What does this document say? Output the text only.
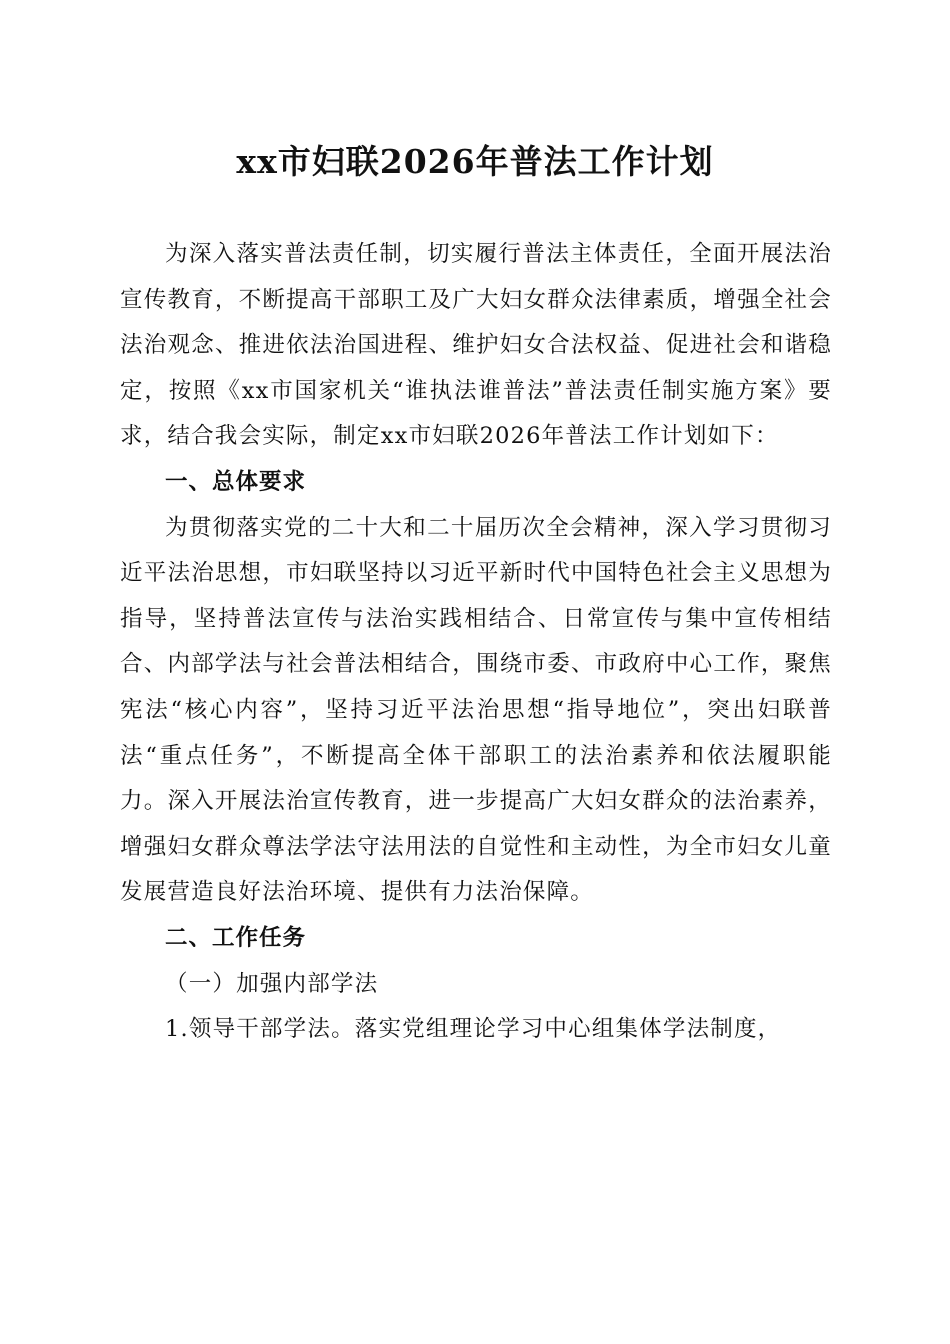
xx市妇联2026年普法工作计划

为深入落实普法责任制，切实履行普法主体责任，全面开展法治宣传教育，不断提高干部职工及广大妇女群众法律素质，增强全社会法治观念、推进依法治国进程、维护妇女合法权益、促进社会和谐稳定，按照《xx市国家机关“谁执法谁普法”普法责任制实施方案》要求，结合我会实际，制定xx市妇联2026年普法工作计划如下：

一、总体要求

为贯彻落实党的二十大和二十届历次全会精神，深入学习贯彻习近平法治思想，市妇联坚持以习近平新时代中国特色社会主义思想为指导，坚持普法宣传与法治实践相结合、日常宣传与集中宣传相结合、内部学法与社会普法相结合，围绕市委、市政府中心工作，聚焦宪法“核心内容”，坚持习近平法治思想“指导地位”，突出妇联普法“重点任务”，不断提高全体干部职工的法治素养和依法履职能力。深入开展法治宣传教育，进一步提高广大妇女群众的法治素养，增强妇女群众尊法学法守法用法的自觉性和主动性，为全市妇女儿童发展营造良好法治环境、提供有力法治保障。

二、工作任务

（一）加强内部学法

1.领导干部学法。落实党组理论学习中心组集体学法制度，
